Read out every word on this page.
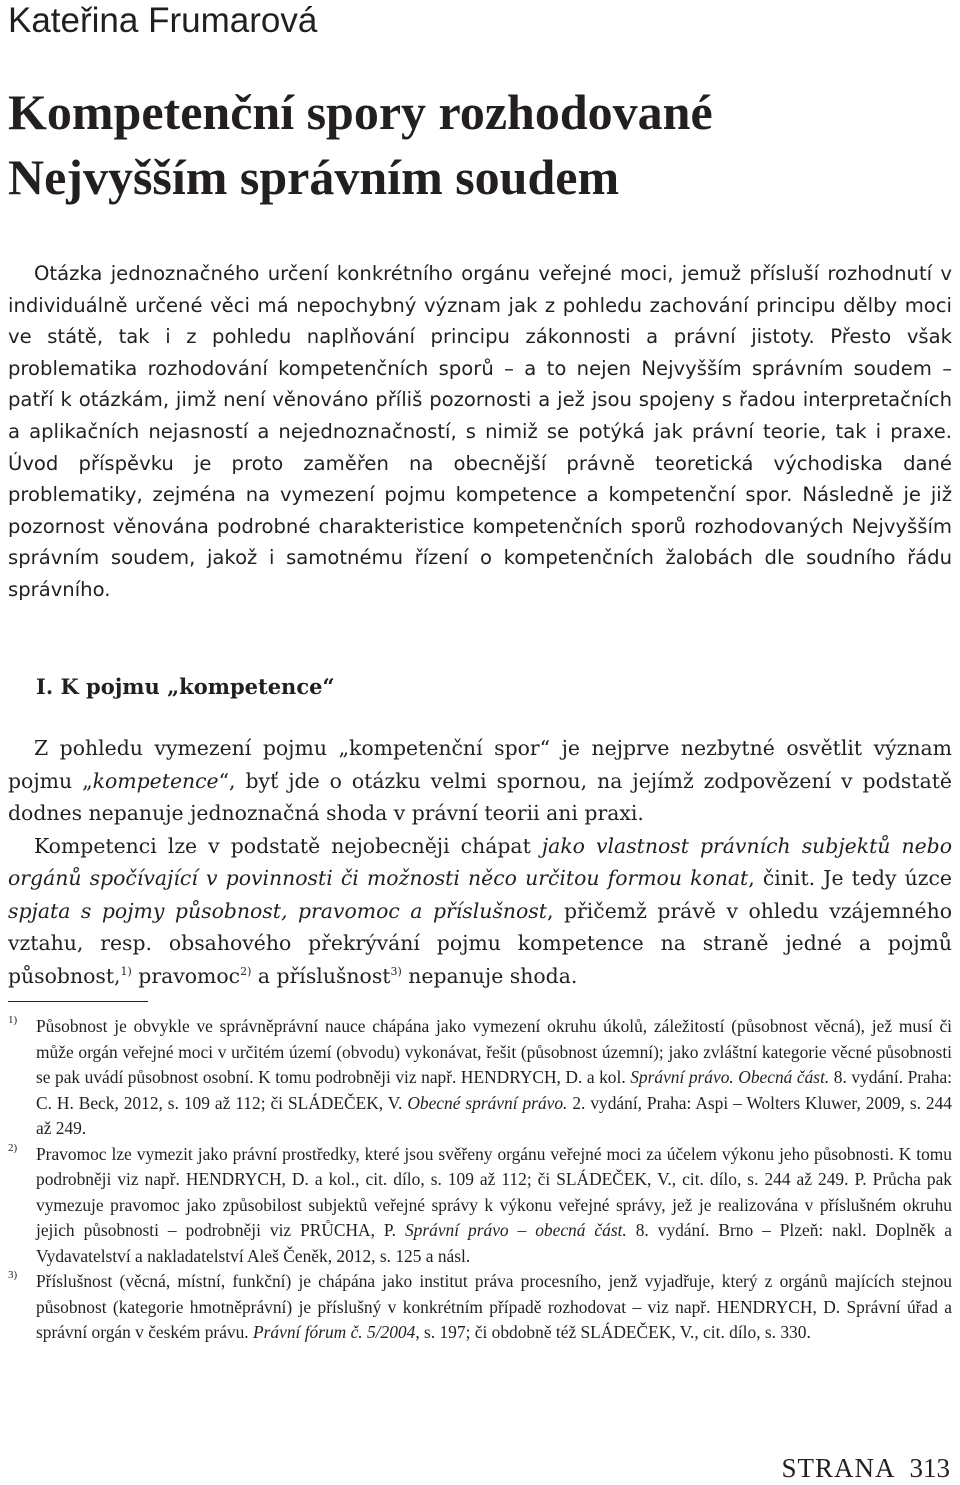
Kateřina Frumarová
Kompetenční spory rozhodované
Nejvyšším správním soudem

Otázka jednoznačného určení konkrétního orgánu veřejné moci, jemuž přísluší rozhodnutí v individuálně určené věci má nepochybný význam jak z pohledu zachování principu dělby moci ve státě, tak i z pohledu naplňování principu zákonnosti a právní jistoty. Přesto však problematika rozhodování kompetenčních sporů – a to nejen Nejvyšším správním soudem – patří k otázkám, jimž není věnováno příliš pozornosti a jež jsou spojeny s řadou interpretačních a aplikačních nejasností a nejednoznačností, s nimiž se potýká jak právní teorie, tak i praxe. Úvod příspěvku je proto zaměřen na obecnější právně teoretická východiska dané problematiky, zejména na vymezení pojmu kompetence a kompetenční spor. Následně je již pozornost věnována podrobné charakteristice kompetenčních sporů rozhodovaných Nejvyšším správním soudem, jakož i samotnému řízení o kompetenčních žalobách dle soudního řádu správního.

I. K pojmu „kompetence“

Z pohledu vymezení pojmu „kompetenční spor“ je nejprve nezbytné osvětlit význam pojmu „kompetence“, byť jde o otázku velmi spornou, na jejímž zodpovězení v podstatě dodnes nepanuje jednoznačná shoda v právní teorii ani praxi.

Kompetenci lze v podstatě nejobecněji chápat jako vlastnost právních subjektů nebo orgánů spočívající v povinnosti či možnosti něco určitou formou konat, činit. Je tedy úzce spjata s pojmy působnost, pravomoc a příslušnost, přičemž právě v ohledu vzájemného vztahu, resp. obsahového překrývání pojmu kompetence na straně jedné a pojmů působnost,$^{1)}$ pravomoc$^{2)}$ a příslušnost$^{3)}$ nepanuje shoda.

1) Působnost je obvykle ve správněprávní nauce chápána jako vymezení okruhu úkolů, záležitostí (působnost věcná), jež musí či může orgán veřejné moci v určitém území (obvodu) vykonávat, řešit (působnost územní); jako zvláštní kategorie věcné působnosti se pak uvádí působnost osobní. K tomu podrobněji viz např. HENDRYCH, D. a kol. Správní právo. Obecná část. 8. vydání. Praha: C. H. Beck, 2012, s. 109 až 112; či SLÁDEČEK, V. Obecné správní právo. 2. vydání, Praha: Aspi – Wolters Kluwer, 2009, s. 244 až 249.

2) Pravomoc lze vymezit jako právní prostředky, které jsou svěřeny orgánu veřejné moci za účelem výkonu jeho působnosti. K tomu podrobněji viz např. HENDRYCH, D. a kol., cit. dílo, s. 109 až 112; či SLÁDEČEK, V., cit. dílo, s. 244 až 249. P. Průcha pak vymezuje pravomoc jako způsobilost subjektů veřejné správy k výkonu veřejné správy, jež je realizována v příslušném okruhu jejich působnosti – podrobněji viz PRŮCHA, P. Správní právo – obecná část. 8. vydání. Brno – Plzeň: nakl. Doplněk a Vydavatelství a nakladatelství Aleš Čeněk, 2012, s. 125 a násl.

3) Příslušnost (věcná, místní, funkční) je chápána jako institut práva procesního, jenž vyjadřuje, který z orgánů majících stejnou působnost (kategorie hmotněprávní) je příslušný v konkrétním případě rozhodovat – viz např. HENDRYCH, D. Správní úřad a správní orgán v českém právu. Právní fórum č. 5/2004, s. 197; či obdobně též SLÁDEČEK, V., cit. dílo, s. 330.

STRANA 313
